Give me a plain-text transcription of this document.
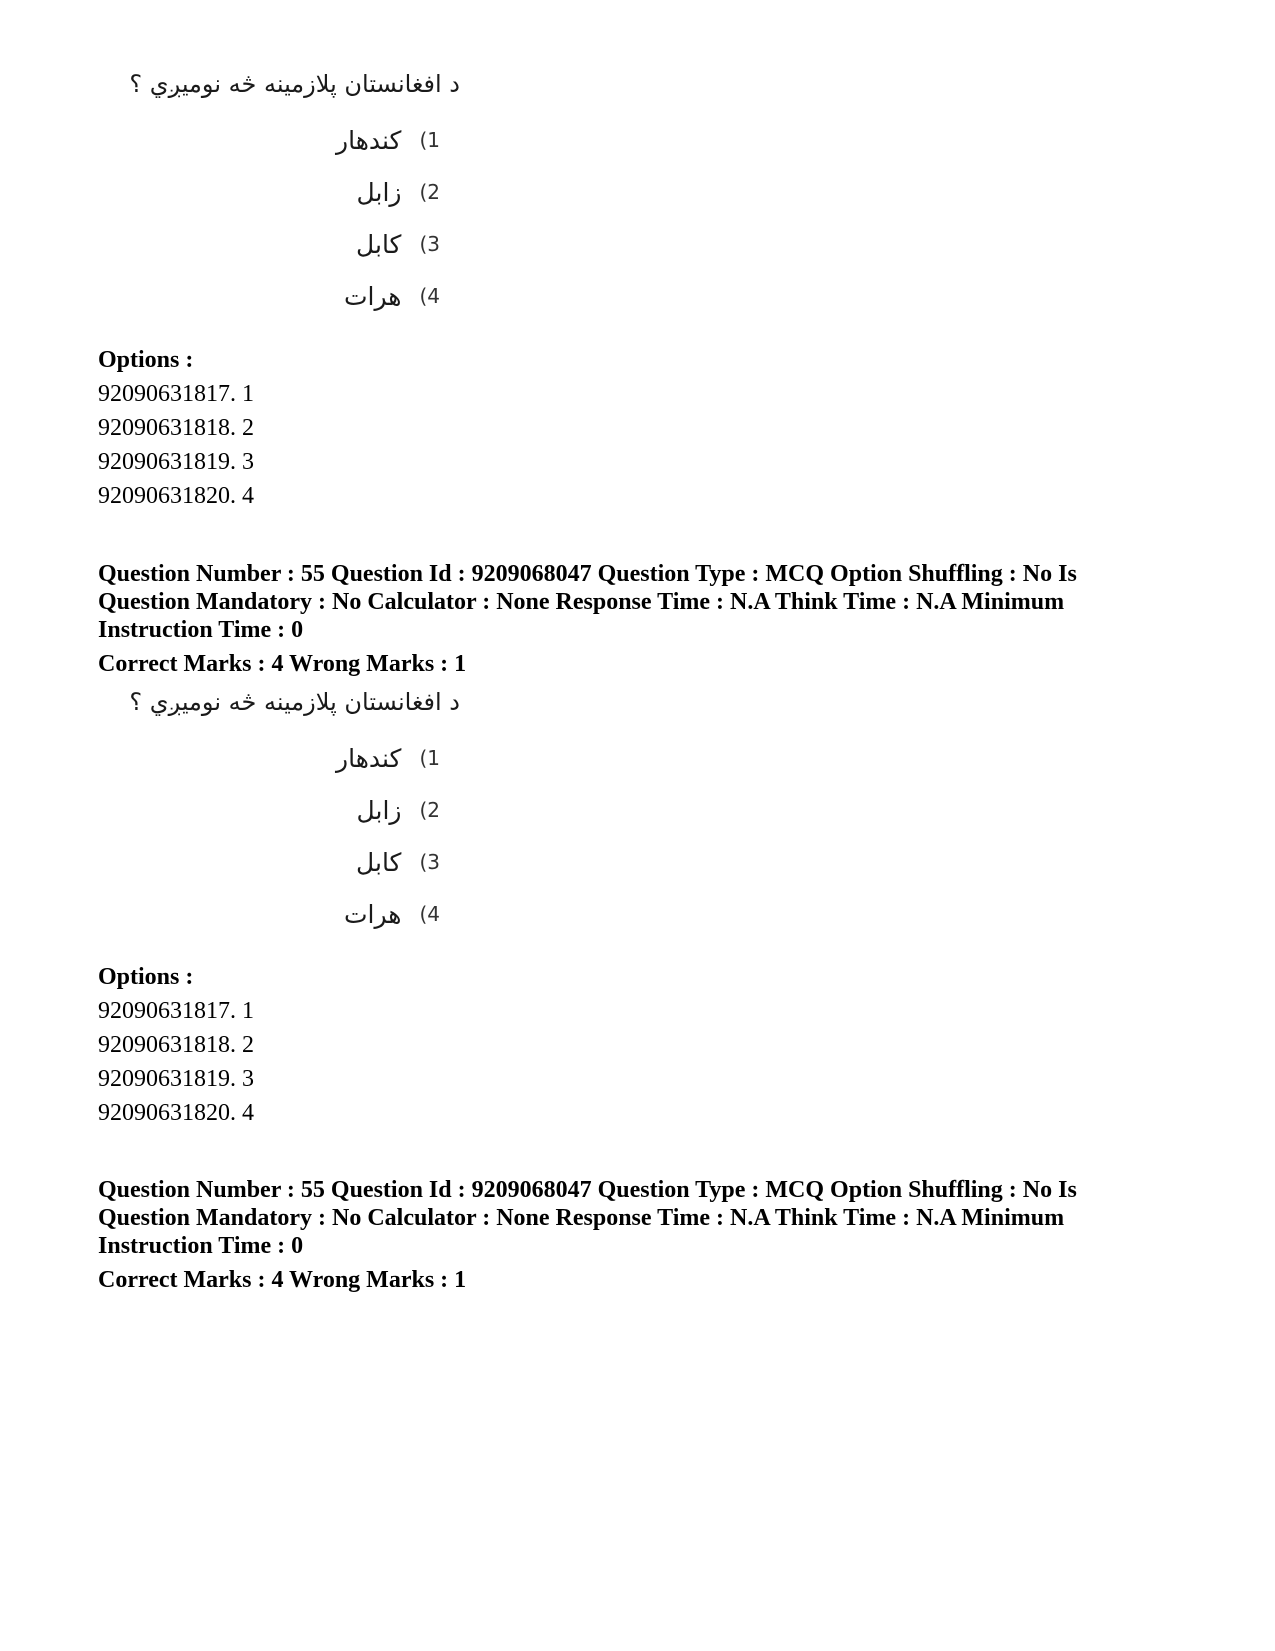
د افغانستان پلازمينه څه نوميږي ؟
کندهار (1
زابل (2
کابل (3
هرات (4
Options :
92090631817. 1
92090631818. 2
92090631819. 3
92090631820. 4
Question Number : 55 Question Id : 9209068047 Question Type : MCQ Option Shuffling : No Is
Question Mandatory : No Calculator : None Response Time : N.A Think Time : N.A Minimum
Instruction Time : 0
Correct Marks : 4 Wrong Marks : 1
د افغانستان پلازمينه څه نوميږي ؟
کندهار (1
زابل (2
کابل (3
هرات (4
Options :
92090631817. 1
92090631818. 2
92090631819. 3
92090631820. 4
Question Number : 55 Question Id : 9209068047 Question Type : MCQ Option Shuffling : No Is
Question Mandatory : No Calculator : None Response Time : N.A Think Time : N.A Minimum
Instruction Time : 0
Correct Marks : 4 Wrong Marks : 1
